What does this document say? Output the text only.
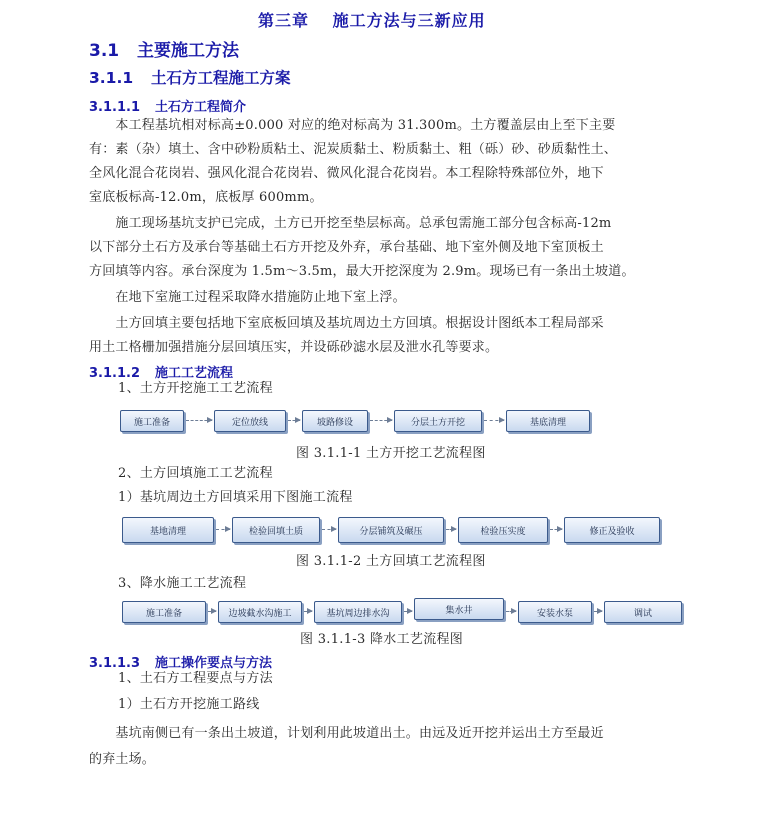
第三章　 施工方法与三新应用
3.1 主要施工方法
3.1.1 土石方工程施工方案
3.1.1.1 土石方工程简介
　　本工程基坑相对标高±0.000 对应的绝对标高为 31.300m。土方覆盖层由上至下主要
有：素（杂）填土、含中砂粉质粘土、泥炭质黏土、粉质黏土、粗（砾）砂、砂质黏性土、
全风化混合花岗岩、强风化混合花岗岩、微风化混合花岗岩。本工程除特殊部位外，地下
室底板标高-12.0m，底板厚 600mm。
　　施工现场基坑支护已完成，土方已开挖至垫层标高。总承包需施工部分包含标高-12m
以下部分土石方及承台等基础土石方开挖及外弃，承台基础、地下室外侧及地下室顶板土
方回填等内容。承台深度为 1.5m～3.5m，最大开挖深度为 2.9m。现场已有一条出土坡道。
　　在地下室施工过程采取降水措施防止地下室上浮。
　　土方回填主要包括地下室底板回填及基坑周边土方回填。根据设计图纸本工程局部采
用土工格栅加强措施分层回填压实，并设砾砂滤水层及泄水孔等要求。
3.1.1.2 施工工艺流程
1、土方开挖施工工艺流程
施工准备	定位放线	坡路修设	分层土方开挖	基底清理
图 3.1.1-1 土方开挖工艺流程图
2、土方回填施工工艺流程
1）基坑周边土方回填采用下图施工流程
基地清理	检验回填土质	分层铺筑及碾压	检验压实度	修正及验收
图 3.1.1-2 土方回填工艺流程图
3、降水施工工艺流程
施工准备	边坡截水沟施工	基坑周边排水沟	集水井	安装水泵	调试
图 3.1.1-3 降水工艺流程图
3.1.1.3 施工操作要点与方法
1、土石方工程要点与方法
1）土石方开挖施工路线
　　基坑南侧已有一条出土坡道，计划利用此坡道出土。由远及近开挖并运出土方至最近
的弃土场。
